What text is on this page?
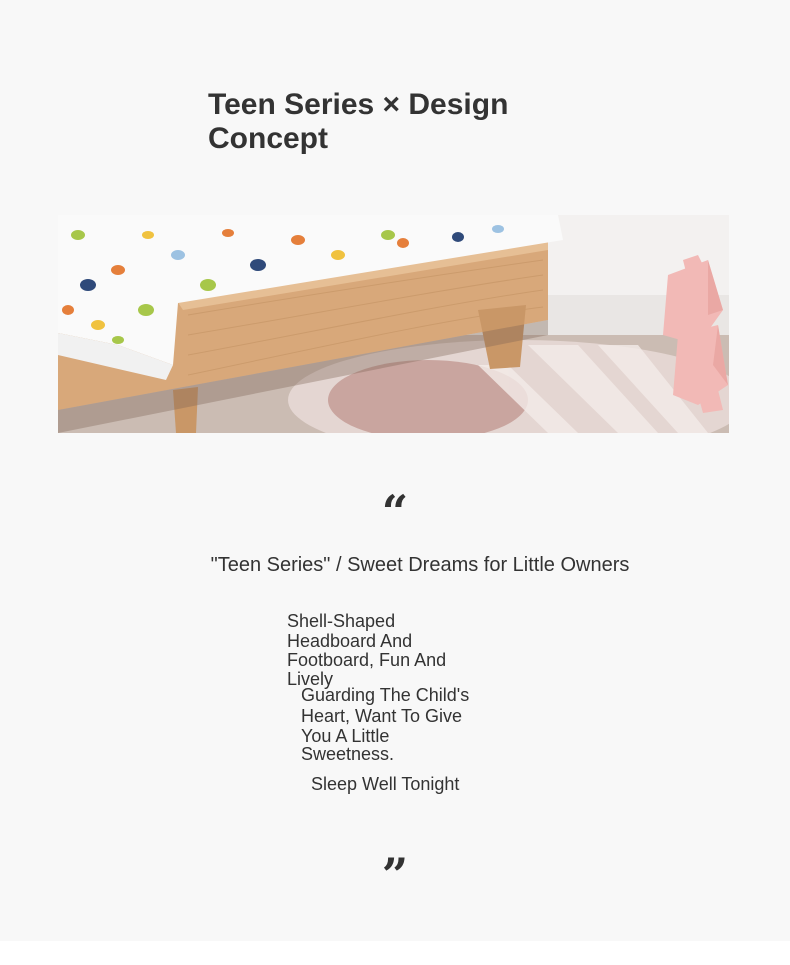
Teen Series × Design Concept
“

"Teen Series" / Sweet Dreams for Little Owners

Shell-Shaped
Headboard And
Footboard, Fun And
Lively

Guarding The Child's
Heart, Want To Give
You A Little
Sweetness.

Sleep Well Tonight

”
